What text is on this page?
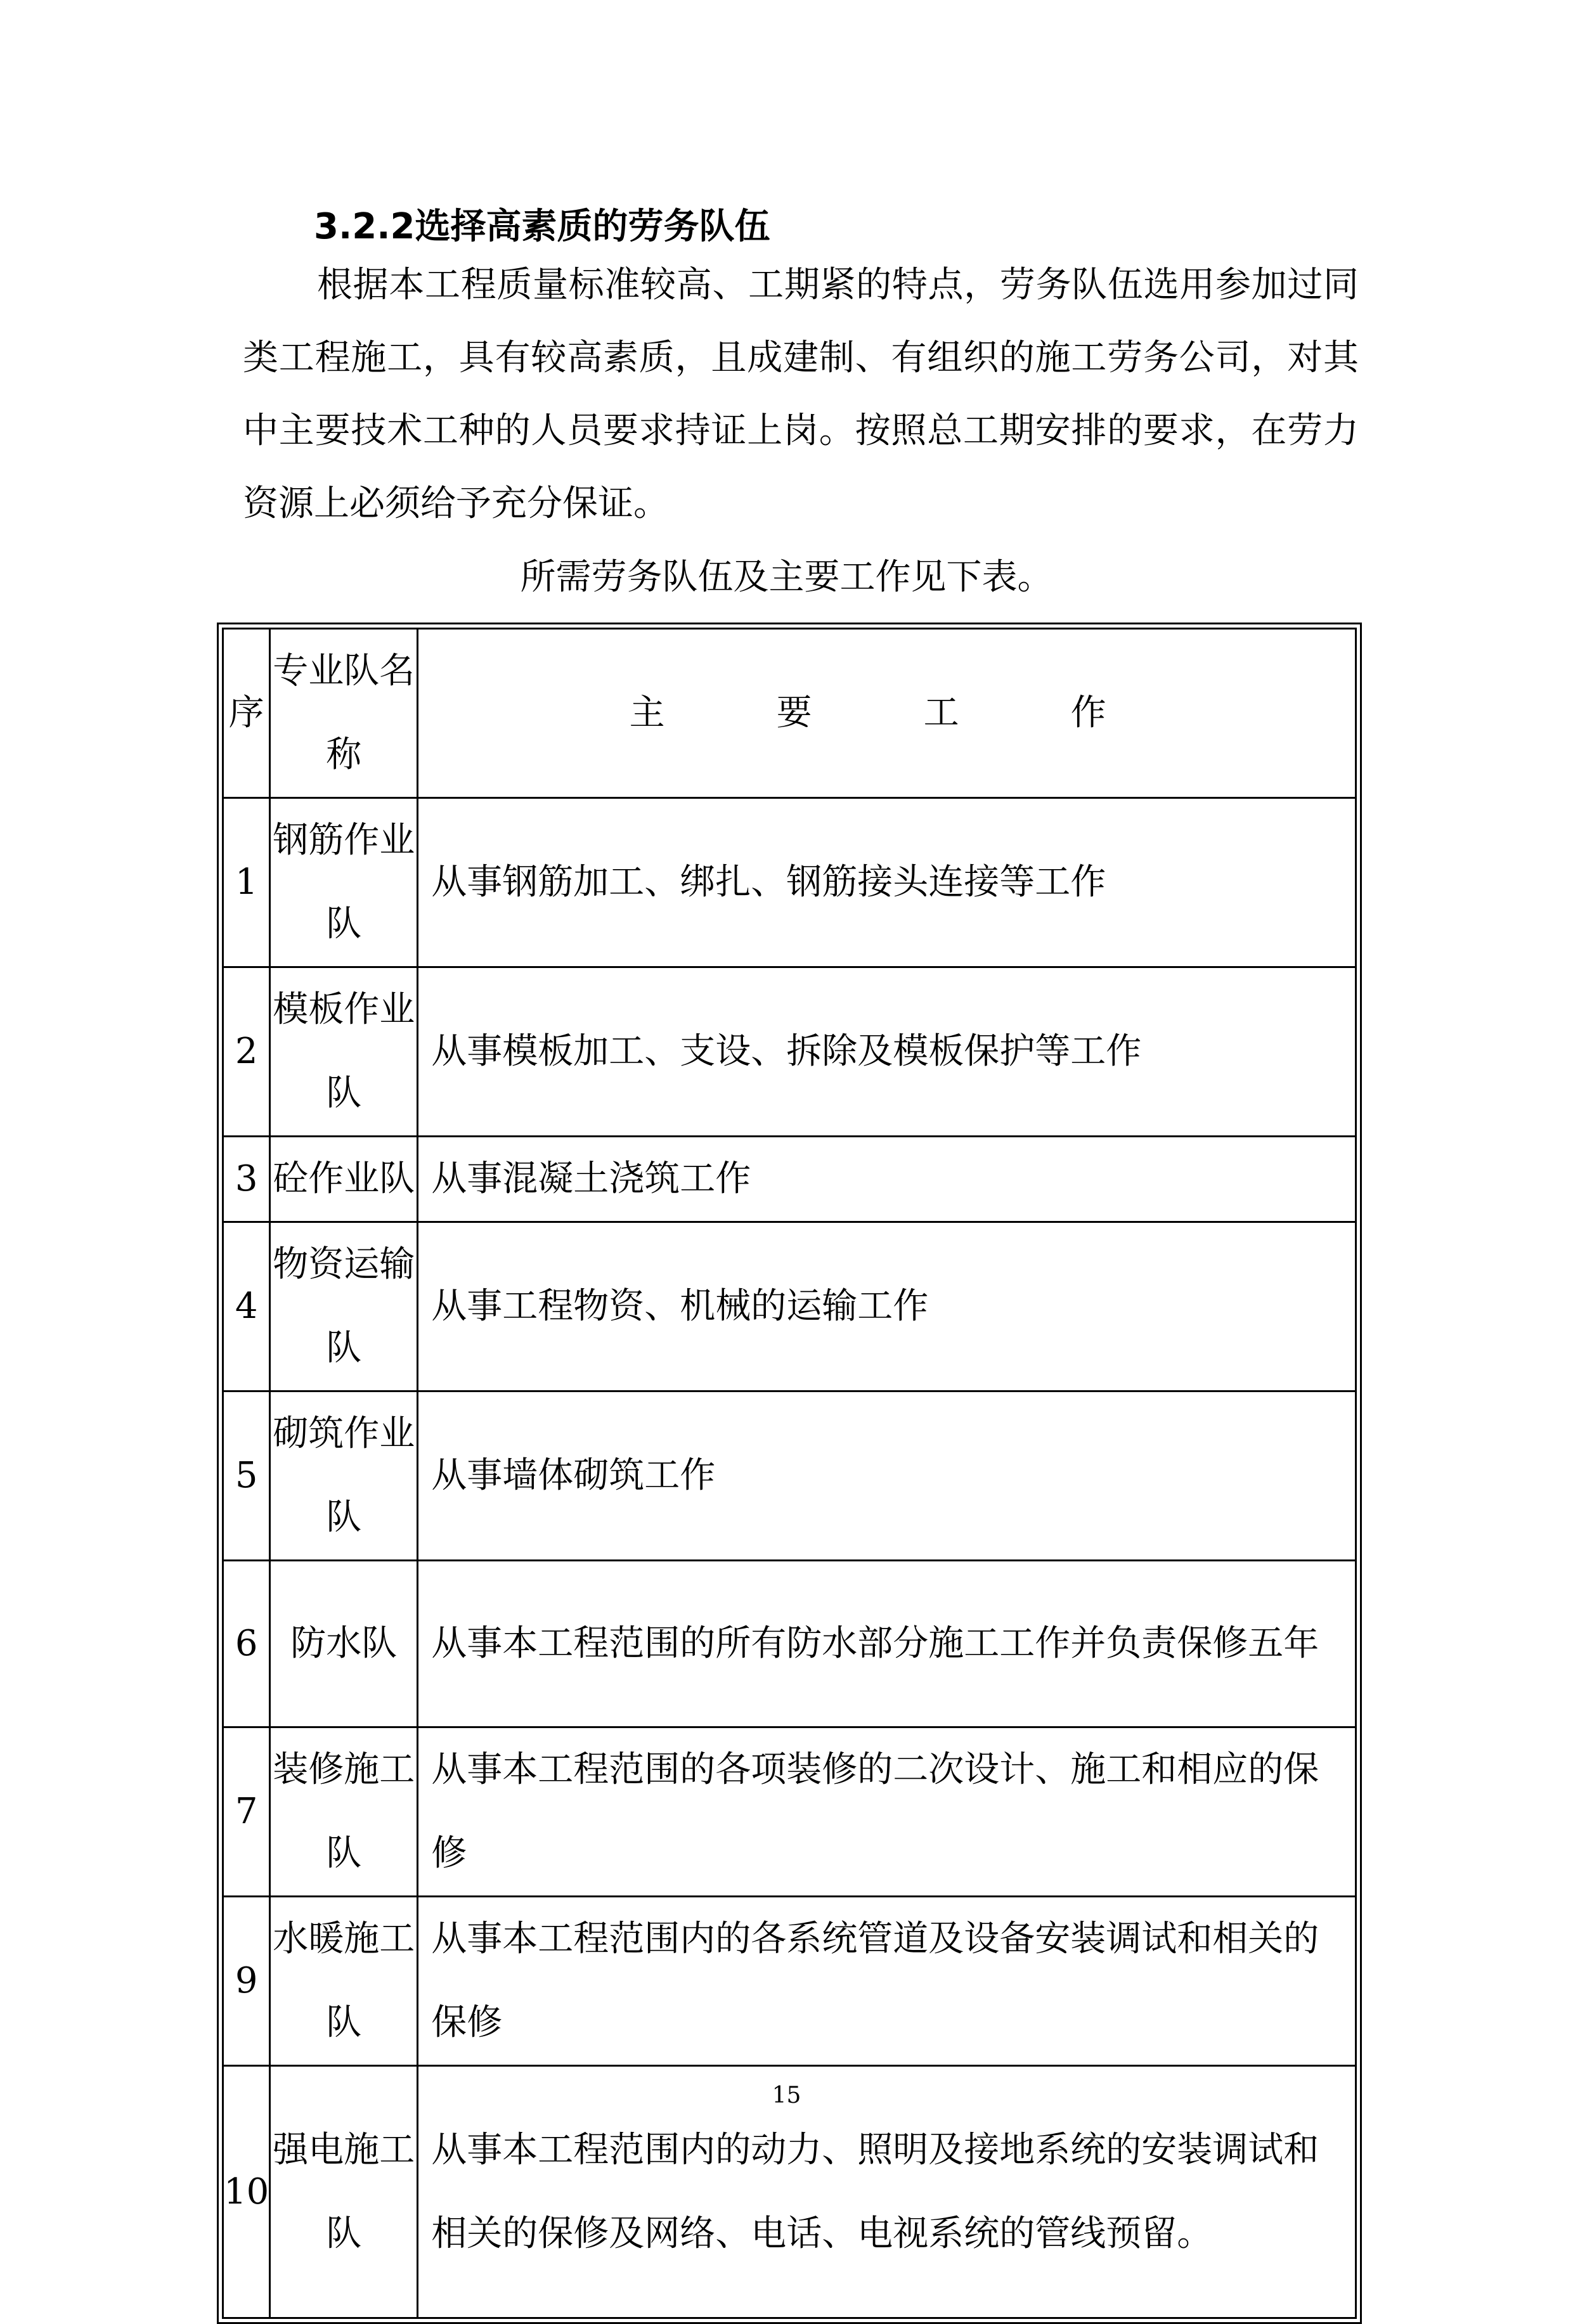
3.2.2选择高素质的劳务队伍
根据本工程质量标准较高、工期紧的特点，劳务队伍选用参加过同类工程施工，具有较高素质，且成建制、有组织的施工劳务公司，对其中主要技术工种的人员要求持证上岗。按照总工期安排的要求，在劳力资源上必须给予充分保证。
所需劳务队伍及主要工作见下表。
序	专业队名称	主　要　工　作
1	钢筋作业队	从事钢筋加工、绑扎、钢筋接头连接等工作
2	模板作业队	从事模板加工、支设、拆除及模板保护等工作
3	砼作业队	从事混凝土浇筑工作
4	物资运输队	从事工程物资、机械的运输工作
5	砌筑作业队	从事墙体砌筑工作
6	防水队	从事本工程范围的所有防水部分施工工作并负责保修五年
7	装修施工队	从事本工程范围的各项装修的二次设计、施工和相应的保修
9	水暖施工队	从事本工程范围内的各系统管道及设备安装调试和相关的保修
10	强电施工队	从事本工程范围内的动力、照明及接地系统的安装调试和相关的保修及网络、电话、电视系统的管线预留。
15
